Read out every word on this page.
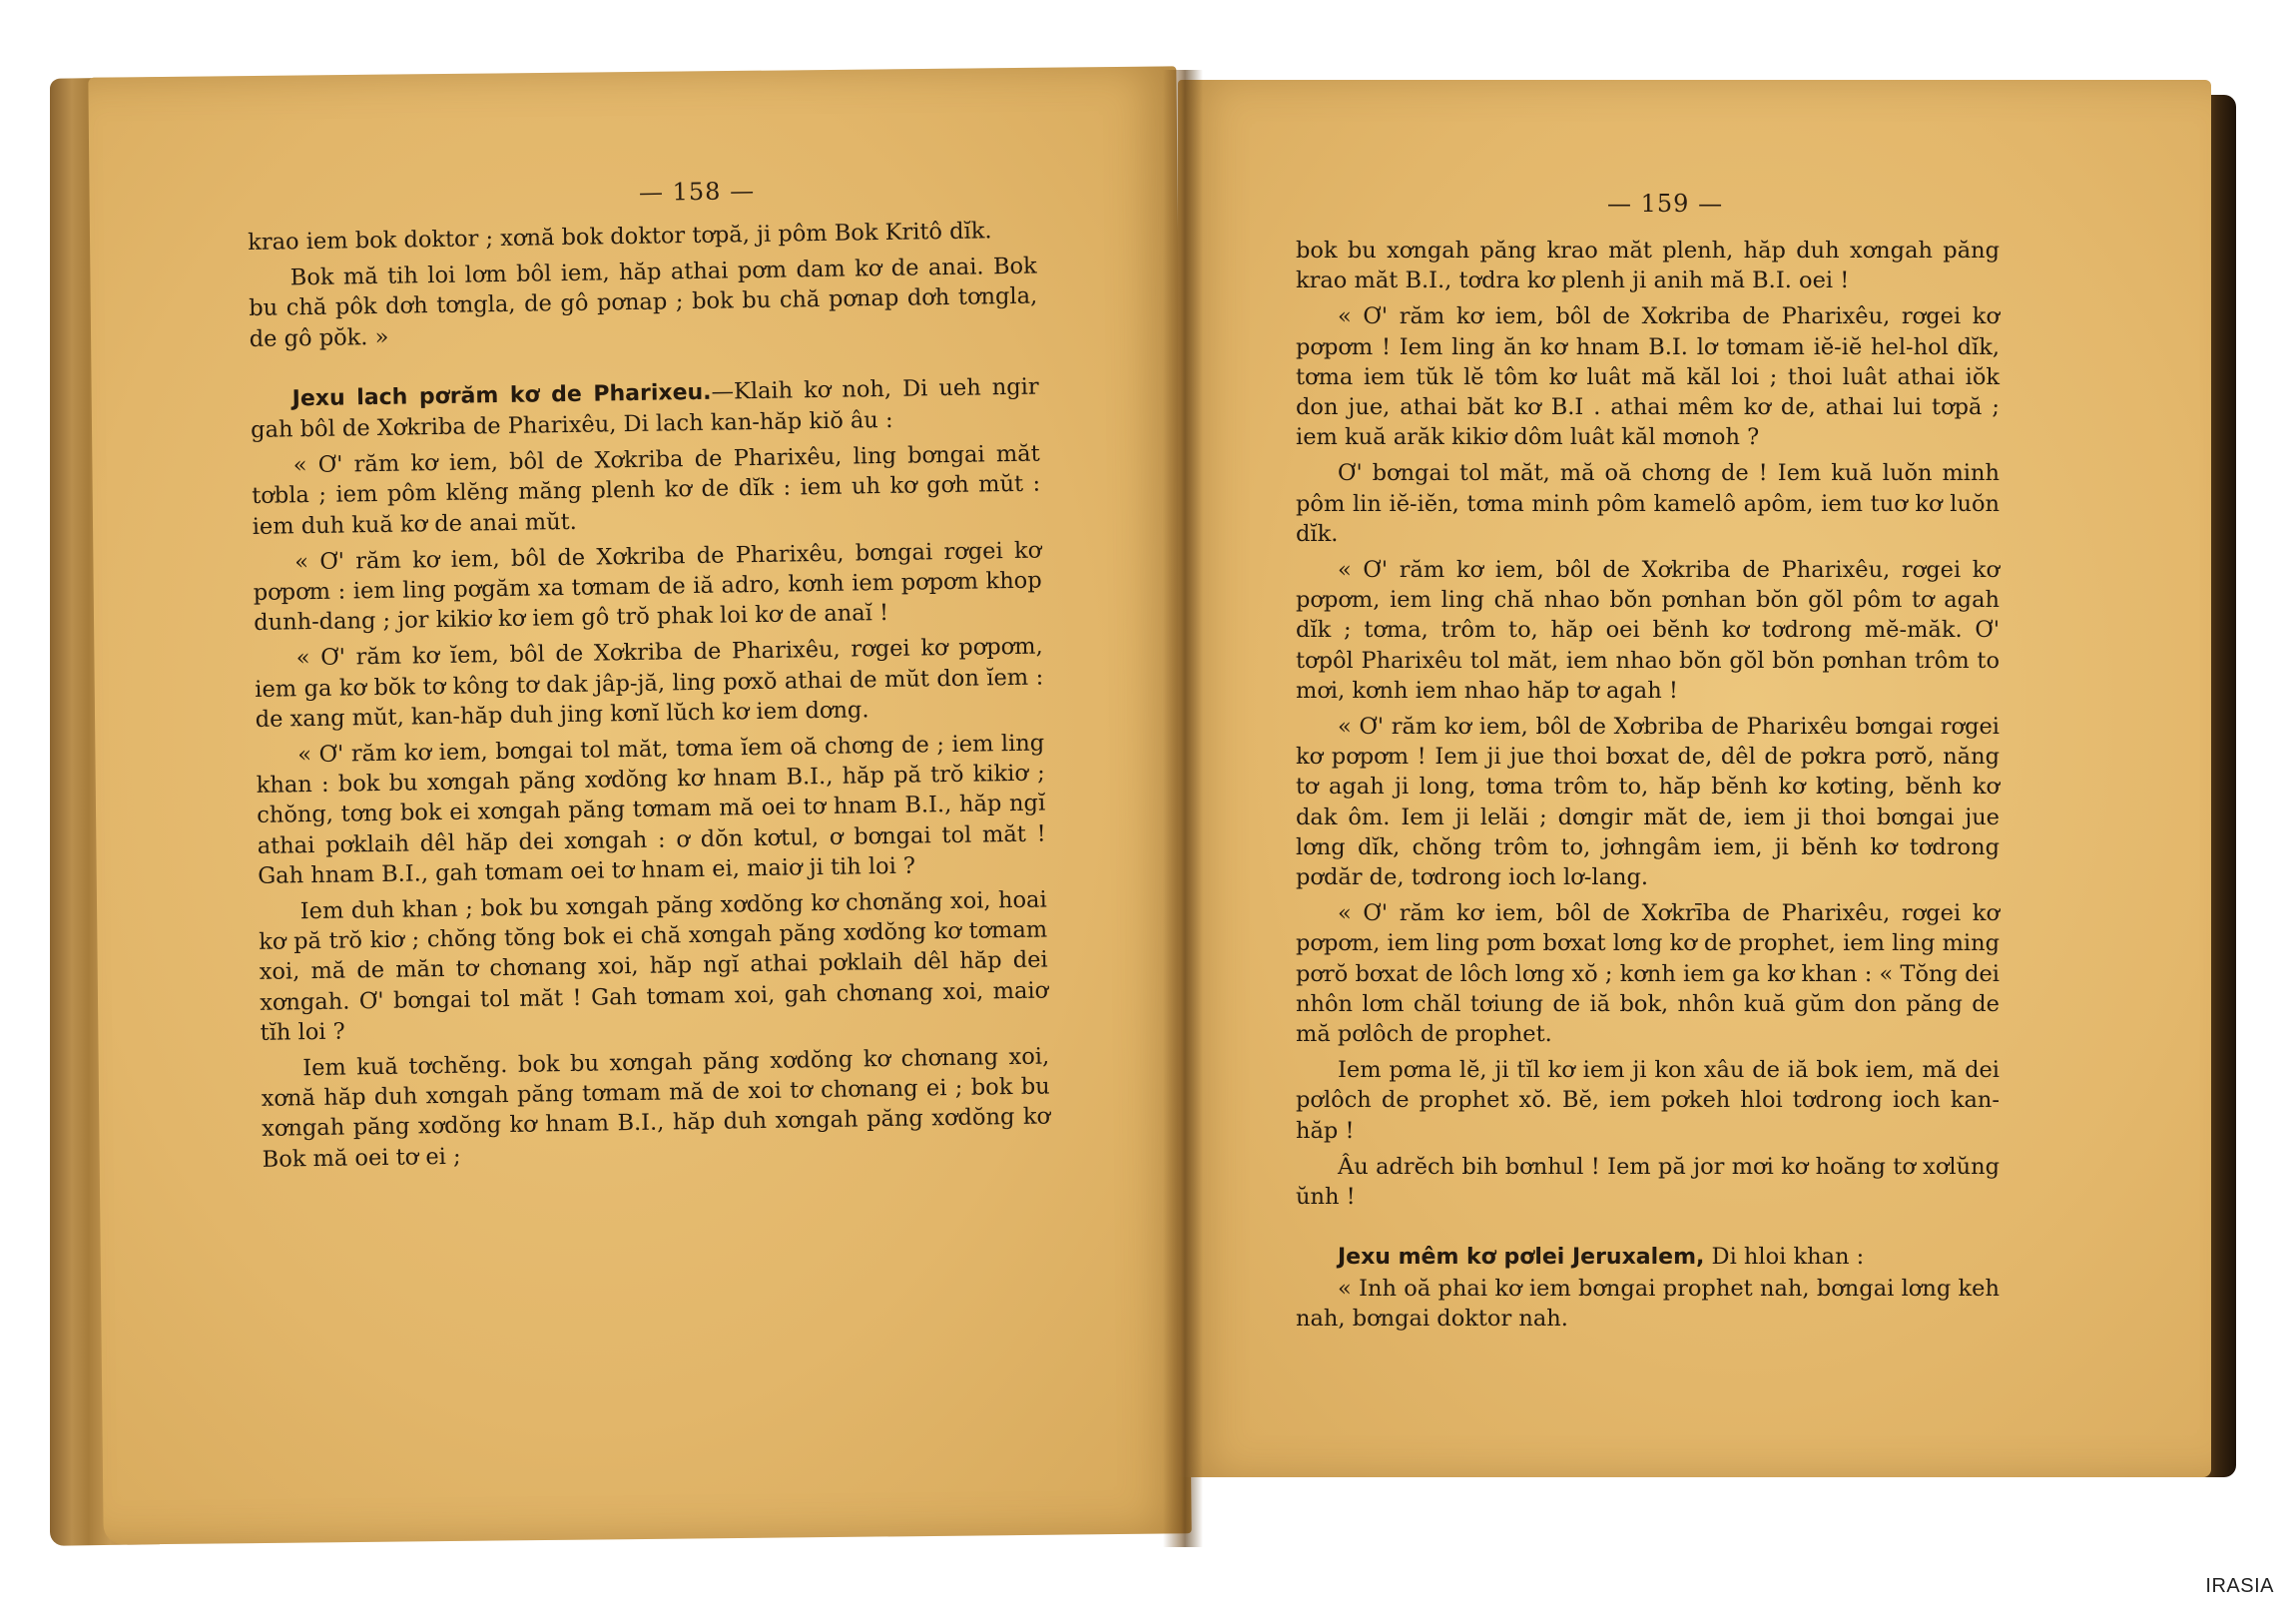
— 158 —

krao iem bok doktor ; xơnă bok doktor tơpă, ji pôm Bok Kritô dĭk.

Bok mă tih loi lơm bôl iem, hăp athai pơm dam kơ de anai. Bok bu chă pôk dơh tơngla, de gô pơnap ; bok bu chă pơnap dơh tơngla, de gô pŏk. »

Jexu lach pơrăm kơ de Pharixeu.—Klaih kơ noh, Di ueh ngir gah bôl de Xơkriba de Pharixêu, Di lach kan-hăp kiŏ âu :

« Ơ' răm kơ iem, bôl de Xơkriba de Pharixêu, ling bơngai măt tơbla ; iem pôm klĕng măng plenh kơ de dĭk : iem uh kơ gơh mŭt : iem duh kuă kơ de anai mŭt.

« Ơ' răm kơ iem, bôl de Xơkriba de Pharixêu, bơngai rơgei kơ pơpơm : iem ling pơgăm xa tơmam de iă adro, kơnh iem pơpơm khop dunh-dang ; jor kikiơ kơ iem gô trŏ phak loi kơ de anaĭ !

« Ơ' răm kơ ĭem, bôl de Xơkriba de Pharixêu, rơgei kơ pơpơm, iem ga kơ bŏk tơ kông tơ dak jâp-jă, ling pơxŏ athai de mŭt don ĭem : de xang mŭt, kan-hăp duh jing kơnĭ lŭch kơ iem dơng.

« Ơ' răm kơ iem, bơngai tol măt, tơma ĭem oă chơng de ; iem ling khan : bok bu xơngah păng xơdŏng kơ hnam B.I., hăp pă trŏ kikiơ ; chŏng, tơng bok ei xơngah păng tơmam mă oei tơ hnam B.I., hăp ngĭ athai pơklaih dêl hăp dei xơngah : ơ dŏn kơtul, ơ bơngai tol măt ! Gah hnam B.I., gah tơmam oei tơ hnam ei, maiơ ji tih loi ?

Iem duh khan ; bok bu xơngah păng xơdŏng kơ chơnăng xoi, hoai kơ pă trŏ kiơ ; chŏng tŏng bok ei chă xơngah păng xơdŏng kơ tơmam xoi, mă de măn tơ chơnang xoi, hăp ngĭ athai pơklaih dêl hăp dei xơngah. Ơ' bơngai tol măt ! Gah tơmam xoi, gah chơnang xoi, maiơ tĭh loi ?

Iem kuă tơchĕng. bok bu xơngah păng xơdŏng kơ chơnang xoi, xơnă hăp duh xơngah păng tơmam mă de xoi tơ chơnang ei ; bok bu xơngah păng xơdŏng kơ hnam B.I., hăp duh xơngah păng xơdŏng kơ Bok mă oei tơ ei ;

— 159 —

bok bu xơngah păng krao măt plenh, hăp duh xơngah păng krao măt B.I., tơdra kơ plenh ji anih mă B.I. oei !

« Ơ' răm kơ iem, bôl de Xơkriba de Pharixêu, rơgei kơ pơpơm ! Iem ling ăn kơ hnam B.I. lơ tơmam iĕ-iĕ hel-hol dĭk, tơma iem tŭk lĕ tôm kơ luât mă kăl loi ; thoi luât athai iŏk don jue, athai băt kơ B.I . athai mêm kơ de, athai lui tơpă ; iem kuă arăk kikiơ dôm luât kăl mơnoh ?

Ơ' bơngai tol măt, mă oă chơng de ! Iem kuă luŏn minh pôm lin iĕ-iĕn, tơma minh pôm kamelô apôm, iem tuơ kơ luŏn dĭk.

« Ơ' răm kơ iem, bôl de Xơkriba de Pharixêu, rơgei kơ pơpơm, iem ling chă nhao bŏn pơnhan bŏn gŏl pôm tơ agah dĭk ; tơma, trôm to, hăp oei bĕnh kơ tơdrong mĕ-măk. Ơ' tơpôl Pharixêu tol măt, iem nhao bŏn gŏl bŏn pơnhan trôm to mơi, kơnh iem nhao hăp tơ agah !

« Ơ' răm kơ iem, bôl de Xơbriba de Pharixêu bơngai rơgei kơ pơpơm ! Iem ji jue thoi bơxat de, dêl de pơkra pơrŏ, năng tơ agah ji long, tơma trôm to, hăp bĕnh kơ kơting, bĕnh kơ dak ôm. Iem ji lelăi ; dơngir măt de, iem ji thoi bơngai jue lơng dĭk, chŏng trôm to, jơhngâm iem, ji bĕnh kơ tơdrong pơdăr de, tơdrong ioch lơ-lang.

« Ơ' răm kơ iem, bôl de Xơkrība de Pharixêu, rơgei kơ pơpơm, iem ling pơm bơxat lơng kơ de prophet, iem ling ming pơrŏ bơxat de lôch lơng xŏ ; kơnh iem ga kơ khan : « Tŏng dei nhôn lơm chăl tơiung de iă bok, nhôn kuă gŭm don păng de mă pơlôch de prophet.

Iem pơma lĕ, ji tĭl kơ iem ji kon xâu de iă bok iem, mă dei pơlôch de prophet xŏ. Bĕ, iem pơkeh hloi tơdrong ioch kan-hăp !

Âu adrĕch bih bơnhul ! Iem pă jor mơi kơ hoăng tơ xơlŭng ŭnh !

Jexu mêm kơ pơlei Jeruxalem, Di hloi khan :

« Inh oă phai kơ iem bơngai prophet nah, bơngai lơng keh nah, bơngai doktor nah.

IRASIA
